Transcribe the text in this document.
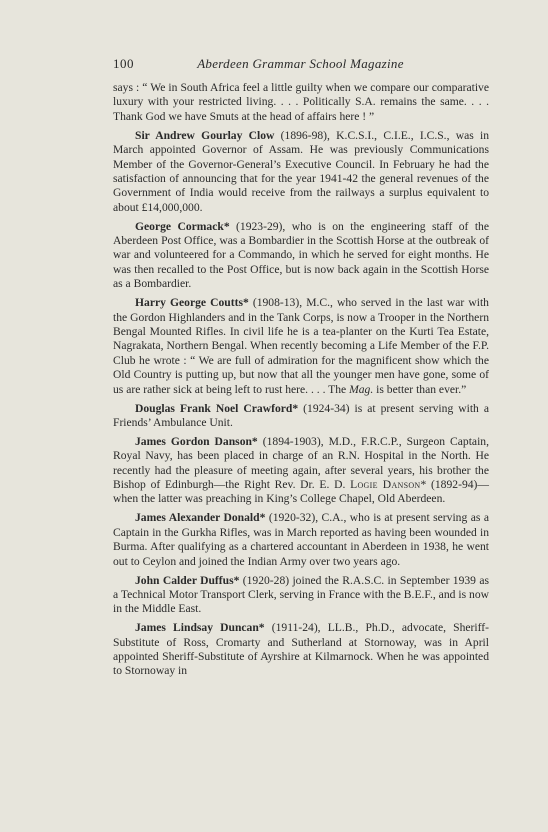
100	Aberdeen Grammar School Magazine

says : “ We in South Africa feel a little guilty when we compare our comparative luxury with your restricted living. . . . Politically S.A. remains the same. . . . Thank God we have Smuts at the head of affairs here ! ”

Sir Andrew Gourlay Clow (1896-98), K.C.S.I., C.I.E., I.C.S., was in March appointed Governor of Assam. He was previously Communications Member of the Governor-General’s Executive Council. In February he had the satisfaction of announcing that for the year 1941-42 the general revenues of the Government of India would receive from the railways a surplus equivalent to about £14,000,000.

George Cormack* (1923-29), who is on the engineering staff of the Aberdeen Post Office, was a Bombardier in the Scottish Horse at the outbreak of war and volunteered for a Commando, in which he served for eight months. He was then recalled to the Post Office, but is now back again in the Scottish Horse as a Bombardier.

Harry George Coutts* (1908-13), M.C., who served in the last war with the Gordon Highlanders and in the Tank Corps, is now a Trooper in the Northern Bengal Mounted Rifles. In civil life he is a tea-planter on the Kurti Tea Estate, Nagrakata, Northern Bengal. When recently becoming a Life Member of the F.P. Club he wrote : “ We are full of admiration for the magnificent show which the Old Country is putting up, but now that all the younger men have gone, some of us are rather sick at being left to rust here. . . . The Mag. is better than ever.”

Douglas Frank Noel Crawford* (1924-34) is at present serving with a Friends’ Ambulance Unit.

James Gordon Danson* (1894-1903), M.D., F.R.C.P., Surgeon Captain, Royal Navy, has been placed in charge of an R.N. Hospital in the North. He recently had the pleasure of meeting again, after several years, his brother the Bishop of Edinburgh—the Right Rev. Dr. E. D. Logie Danson* (1892-94)—when the latter was preaching in King’s College Chapel, Old Aberdeen.

James Alexander Donald* (1920-32), C.A., who is at present serving as a Captain in the Gurkha Rifles, was in March reported as having been wounded in Burma. After qualifying as a chartered accountant in Aberdeen in 1938, he went out to Ceylon and joined the Indian Army over two years ago.

John Calder Duffus* (1920-28) joined the R.A.S.C. in September 1939 as a Technical Motor Transport Clerk, serving in France with the B.E.F., and is now in the Middle East.

James Lindsay Duncan* (1911-24), LL.B., Ph.D., advocate, Sheriff-Substitute of Ross, Cromarty and Sutherland at Stornoway, was in April appointed Sheriff-Substitute of Ayrshire at Kilmarnock. When he was appointed to Stornoway in
